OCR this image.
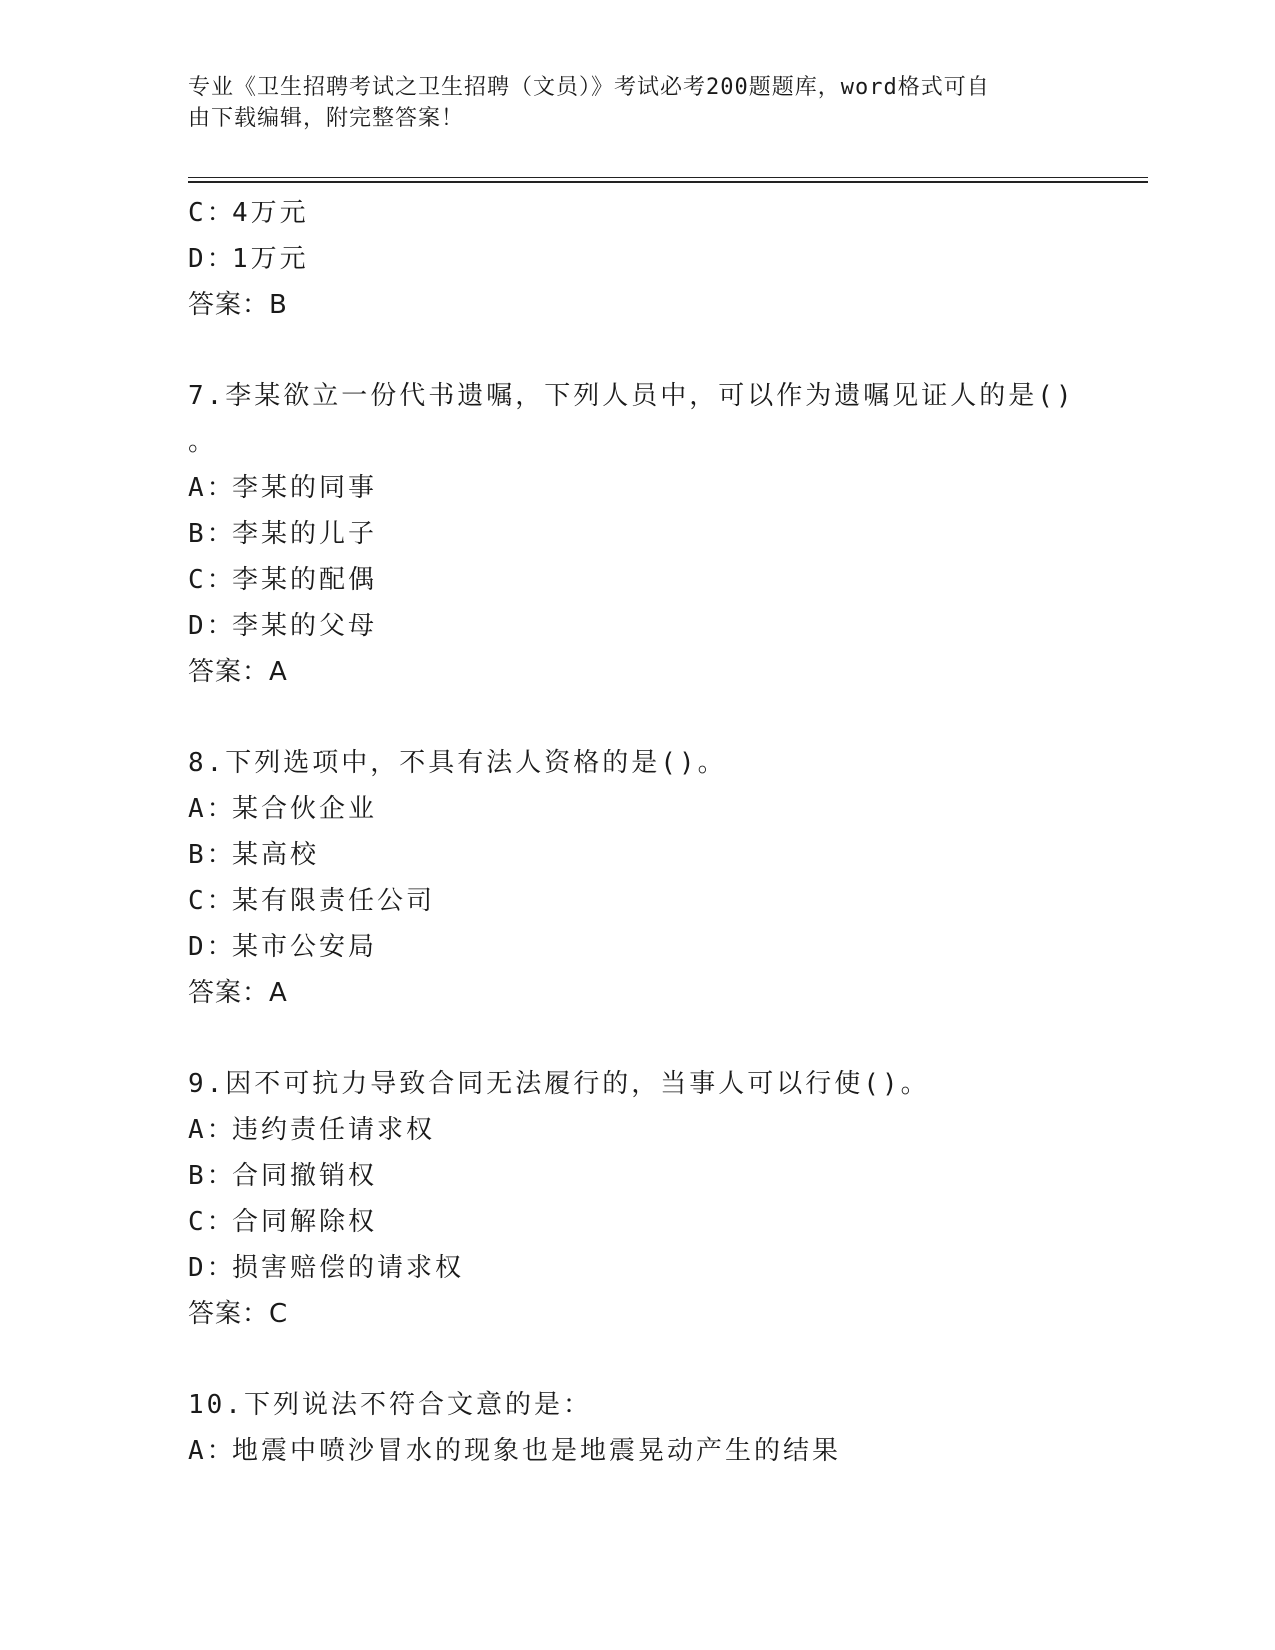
专业《卫生招聘考试之卫生招聘（文员）》考试必考200题题库，word格式可自
由下载编辑，附完整答案！
C：4万元
D：1万元
答案：B
7.李某欲立一份代书遗嘱，下列人员中，可以作为遗嘱见证人的是()
。
A：李某的同事
B：李某的儿子
C：李某的配偶
D：李某的父母
答案：A
8.下列选项中，不具有法人资格的是()。
A：某合伙企业
B：某高校
C：某有限责任公司
D：某市公安局
答案：A
9.因不可抗力导致合同无法履行的，当事人可以行使()。
A：违约责任请求权
B：合同撤销权
C：合同解除权
D：损害赔偿的请求权
答案：C
10.下列说法不符合文意的是：
A：地震中喷沙冒水的现象也是地震晃动产生的结果
